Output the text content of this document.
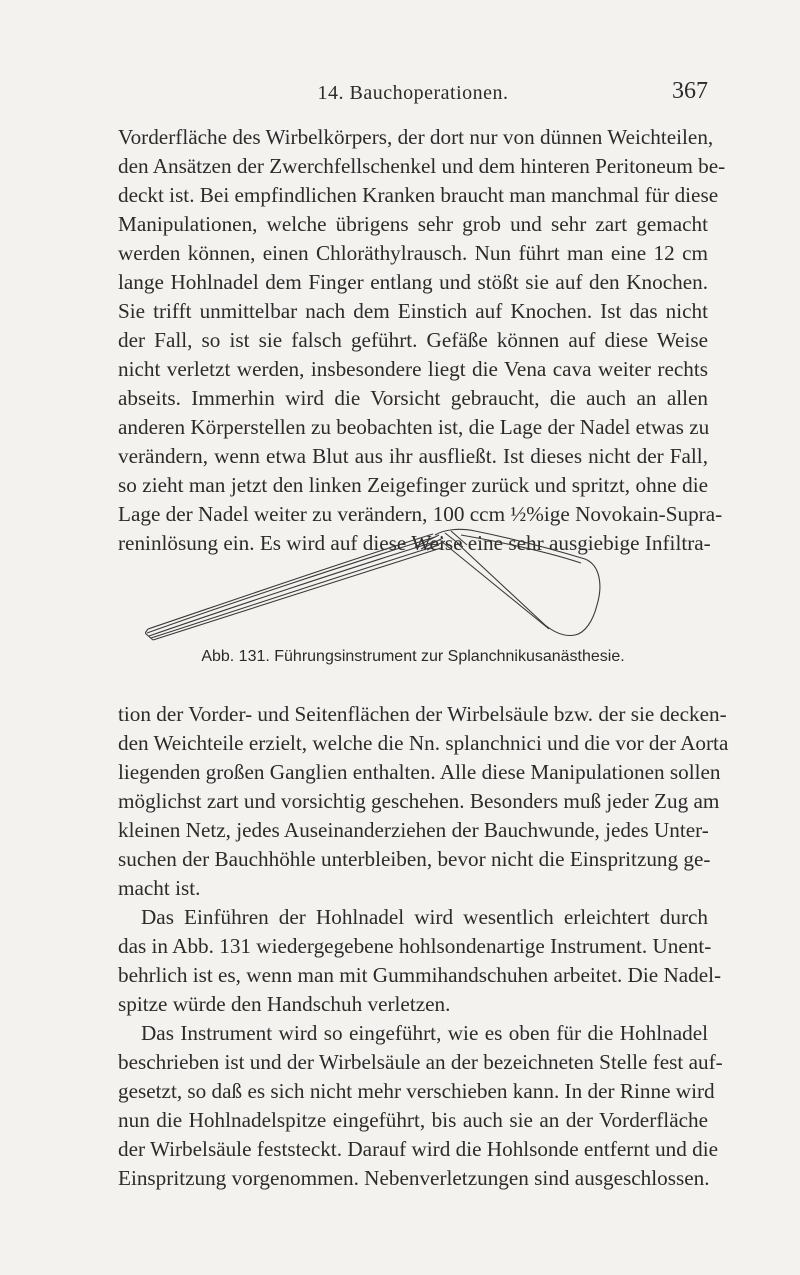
14. Bauchoperationen.	367
Vorderfläche des Wirbelkörpers, der dort nur von dünnen Weichteilen,
den Ansätzen der Zwerchfellschenkel und dem hinteren Peritoneum be-
deckt ist. Bei empfindlichen Kranken braucht man manchmal für diese
Manipulationen, welche übrigens sehr grob und sehr zart gemacht
werden können, einen Chloräthylrausch. Nun führt man eine 12 cm
lange Hohlnadel dem Finger entlang und stößt sie auf den Knochen.
Sie trifft unmittelbar nach dem Einstich auf Knochen. Ist das nicht
der Fall, so ist sie falsch geführt. Gefäße können auf diese Weise
nicht verletzt werden, insbesondere liegt die Vena cava weiter rechts
abseits. Immerhin wird die Vorsicht gebraucht, die auch an allen
anderen Körperstellen zu beobachten ist, die Lage der Nadel etwas zu
verändern, wenn etwa Blut aus ihr ausfließt. Ist dieses nicht der Fall,
so zieht man jetzt den linken Zeigefinger zurück und spritzt, ohne die
Lage der Nadel weiter zu verändern, 100 ccm ½%ige Novokain-Supra-
reninlösung ein. Es wird auf diese Weise eine sehr ausgiebige Infiltra-
Abb. 131. Führungsinstrument zur Splanchnikusanästhesie.
tion der Vorder- und Seitenflächen der Wirbelsäule bzw. der sie decken-
den Weichteile erzielt, welche die Nn. splanchnici und die vor der Aorta
liegenden großen Ganglien enthalten. Alle diese Manipulationen sollen
möglichst zart und vorsichtig geschehen. Besonders muß jeder Zug am
kleinen Netz, jedes Auseinanderziehen der Bauchwunde, jedes Unter-
suchen der Bauchhöhle unterbleiben, bevor nicht die Einspritzung ge-
macht ist.
Das Einführen der Hohlnadel wird wesentlich erleichtert durch
das in Abb. 131 wiedergegebene hohlsondenartige Instrument. Unent-
behrlich ist es, wenn man mit Gummihandschuhen arbeitet. Die Nadel-
spitze würde den Handschuh verletzen.
Das Instrument wird so eingeführt, wie es oben für die Hohlnadel
beschrieben ist und der Wirbelsäule an der bezeichneten Stelle fest auf-
gesetzt, so daß es sich nicht mehr verschieben kann. In der Rinne wird
nun die Hohlnadelspitze eingeführt, bis auch sie an der Vorderfläche
der Wirbelsäule feststeckt. Darauf wird die Hohlsonde entfernt und die
Einspritzung vorgenommen. Nebenverletzungen sind ausgeschlossen.
